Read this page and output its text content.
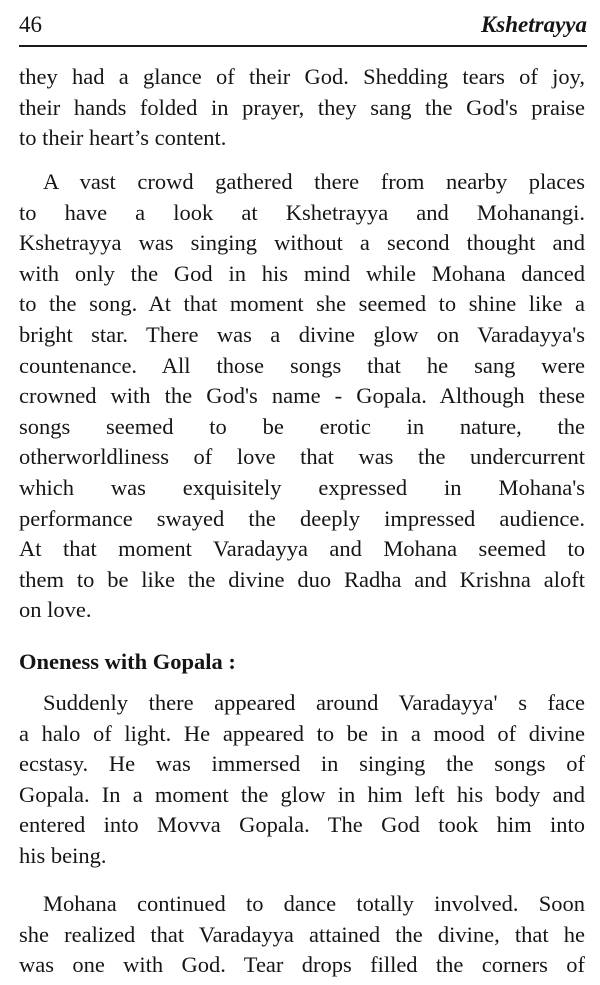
46	Kshetrayya
they had a glance of their God. Shedding tears of joy,
their hands folded in prayer, they sang the God's praise
to their heart’s content.
A vast crowd gathered there from nearby places
to have a look at Kshetrayya and Mohanangi.
Kshetrayya was singing without a second thought and
with only the God in his mind while Mohana danced
to the song. At that moment she seemed to shine like a
bright star. There was a divine glow on Varadayya's
countenance. All those songs that he sang were
crowned with the God's name - Gopala. Although these
songs seemed to be erotic in nature, the
otherworldliness of love that was the undercurrent
which was exquisitely expressed in Mohana's
performance swayed the deeply impressed audience.
At that moment Varadayya and Mohana seemed to
them to be like the divine duo Radha and Krishna aloft
on love.
Oneness with Gopala :
Suddenly there appeared around Varadayya' s face
a halo of light. He appeared to be in a mood of divine
ecstasy. He was immersed in singing the songs of
Gopala. In a moment the glow in him left his body and
entered into Movva Gopala. The God took him into
his being.
Mohana continued to dance totally involved. Soon
she realized that Varadayya attained the divine, that he
was one with God. Tear drops filled the corners of
